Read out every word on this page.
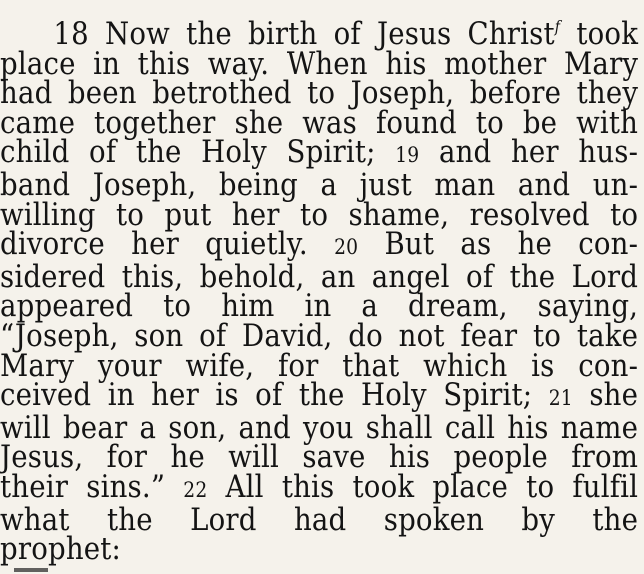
18 Now the birth of Jesus Christ$^f$ took
place in this way. When his mother Mary
had been betrothed to Joseph, before they
came together she was found to be with
child of the Holy Spirit; 19 and her hus-
band Joseph, being a just man and un-
willing to put her to shame, resolved to
divorce her quietly. 20 But as he con-
sidered this, behold, an angel of the Lord
appeared to him in a dream, saying,
“Joseph, son of David, do not fear to take
Mary your wife, for that which is con-
ceived in her is of the Holy Spirit; 21 she
will bear a son, and you shall call his name
Jesus, for he will save his people from
their sins.” 22 All this took place to fulfil
what the Lord had spoken by the
prophet:
